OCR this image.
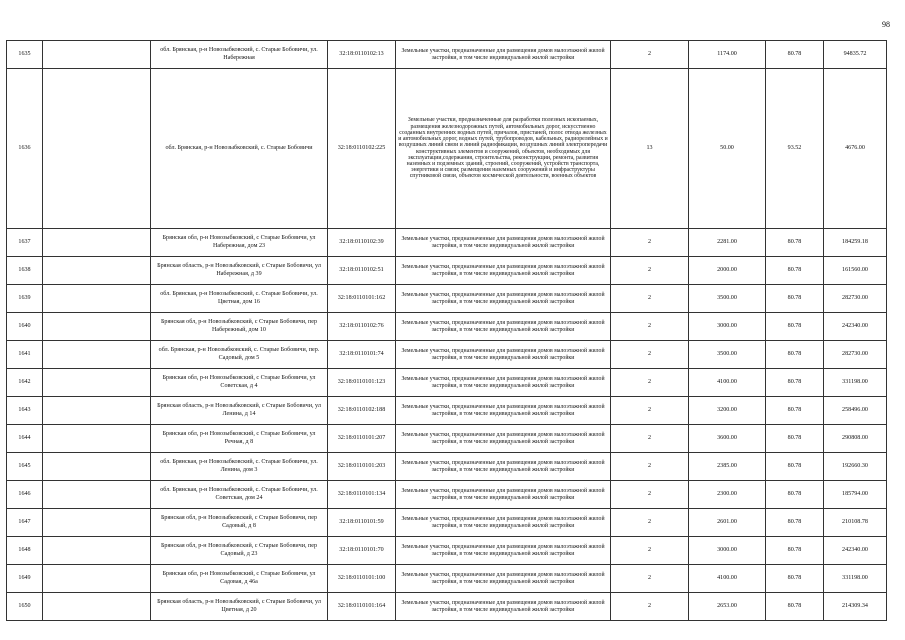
98
1635		обл. Брянская, р-н Новозыбковский, с. Старые Бобовичи, ул. Набережная	32:18:0110102:13	Земельные участки, предназначенные для размещения домов малоэтажной жилой застройки, в том числе индивидуальной жилой застройки	2	1174.00	80.78	94835.72
1636		обл. Брянская, р-н Новозыбковский, с. Старые Бобовичи	32:18:0110102:225	Земельные участки, предназначенные для разработки полезных ископаемых, размещения железнодорожных путей, автомобильных дорог, искусственно созданных внутренних водных путей, причалов, пристаней, полос отвода железных и автомобильных дорог, водных путей, трубопроводов, кабельных, радиорелейных и воздушных линий связи и линий радиофикации, воздушных линий электропередачи конструктивных элементов и сооружений, объектов, необходимых для эксплуатации,содержания, строительства, реконструкции, ремонта, развития наземных и подземных зданий, строений, сооружений, устройств транспорта, энергетики и связи; размещения наземных сооружений и инфраструктуры спутниковой связи, объектов космической деятельности, военных объектов	13	50.00	93.52	4676.00
1637		Брянская обл, р-н Новозыбковский, с Старые Бобовичи, ул Набережная, дом 23	32:18:0110102:39	Земельные участки, предназначенные для размещения домов малоэтажной жилой застройки, в том числе индивидуальной жилой застройки	2	2281.00	80.78	184259.18
1638		Брянская область, р-н Новозыбковский, с Старые Бобовичи, ул Набережная, д 39	32:18:0110102:51	Земельные участки, предназначенные для размещения домов малоэтажной жилой застройки, в том числе индивидуальной жилой застройки	2	2000.00	80.78	161560.00
1639		обл. Брянская, р-н Новозыбковский, с. Старые Бобовичи, ул. Цветная, дом 16	32:18:0110101:162	Земельные участки, предназначенные для размещения домов малоэтажной жилой застройки, в том числе индивидуальной жилой застройки	2	3500.00	80.78	282730.00
1640		Брянская обл, р-н Новозыбковский, с Старые Бобовичи, пер Набережный, дом 10	32:18:0110102:76	Земельные участки, предназначенные для размещения домов малоэтажной жилой застройки, в том числе индивидуальной жилой застройки	2	3000.00	80.78	242340.00
1641		обл. Брянская, р-н Новозыбковский, с. Старые Бобовичи, пер. Садовый, дом 5	32:18:0110101:74	Земельные участки, предназначенные для размещения домов малоэтажной жилой застройки, в том числе индивидуальной жилой застройки	2	3500.00	80.78	282730.00
1642		Брянская обл, р-н Новозыбковский, с Старые Бобовичи, ул Советская, д 4	32:18:0110101:123	Земельные участки, предназначенные для размещения домов малоэтажной жилой застройки, в том числе индивидуальной жилой застройки	2	4100.00	80.78	331198.00
1643		Брянская область, р-н Новозыбковский, с Старые Бобовичи, ул Ленина, д 14	32:18:0110102:188	Земельные участки, предназначенные для размещения домов малоэтажной жилой застройки, в том числе индивидуальной жилой застройки	2	3200.00	80.78	258496.00
1644		Брянская обл, р-н Новозыбковский, с Старые Бобовичи, ул Речная, д 8	32:18:0110101:207	Земельные участки, предназначенные для размещения домов малоэтажной жилой застройки, в том числе индивидуальной жилой застройки	2	3600.00	80.78	290808.00
1645		обл. Брянская, р-н Новозыбковский, с. Старые Бобовичи, ул. Ленина, дом 3	32:18:0110101:203	Земельные участки, предназначенные для размещения домов малоэтажной жилой застройки, в том числе индивидуальной жилой застройки	2	2385.00	80.78	192660.30
1646		обл. Брянская, р-н Новозыбковский, с. Старые Бобовичи, ул. Советская, дом 24	32:18:0110101:134	Земельные участки, предназначенные для размещения домов малоэтажной жилой застройки, в том числе индивидуальной жилой застройки	2	2300.00	80.78	185794.00
1647		Брянская обл, р-н Новозыбковский, с Старые Бобовичи, пер Садовый, д 8	32:18:0110101:59	Земельные участки, предназначенные для размещения домов малоэтажной жилой застройки, в том числе индивидуальной жилой застройки	2	2601.00	80.78	210108.78
1648		Брянская обл, р-н Новозыбковский, с Старые Бобовичи, пер Садовый, д 23	32:18:0110101:70	Земельные участки, предназначенные для размещения домов малоэтажной жилой застройки, в том числе индивидуальной жилой застройки	2	3000.00	80.78	242340.00
1649		Брянская обл, р-н Новозыбковский, с Старые Бобовичи, ул Садовая, д 46а	32:18:0110101:100	Земельные участки, предназначенные для размещения домов малоэтажной жилой застройки, в том числе индивидуальной жилой застройки	2	4100.00	80.78	331198.00
1650		Брянская область, р-н Новозыбковский, с Старые Бобовичи, ул Цветная, д 20	32:18:0110101:164	Земельные участки, предназначенные для размещения домов малоэтажной жилой застройки, в том числе индивидуальной жилой застройки	2	2653.00	80.78	214309.34
